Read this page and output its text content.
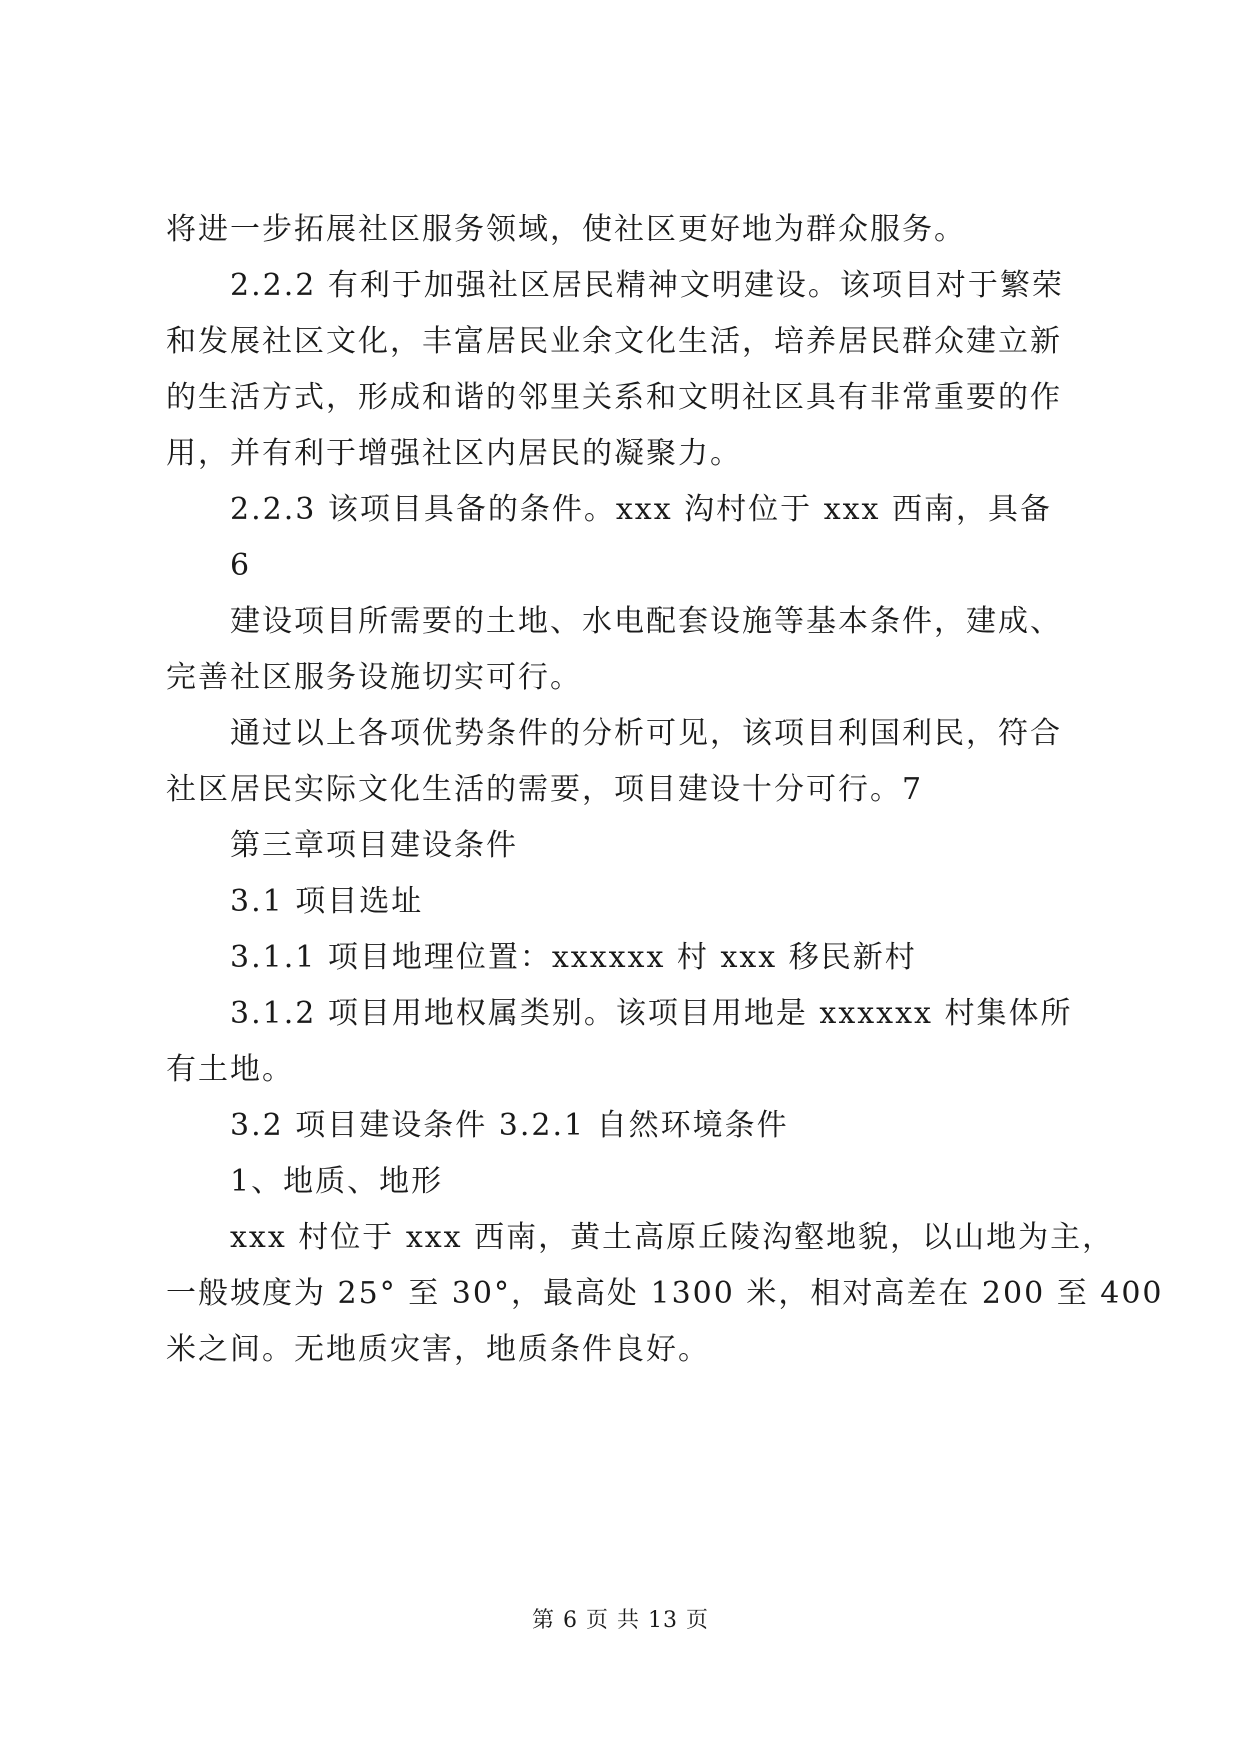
将进一步拓展社区服务领域，使社区更好地为群众服务。
2.2.2 有利于加强社区居民精神文明建设。该项目对于繁荣
和发展社区文化，丰富居民业余文化生活，培养居民群众建立新
的生活方式，形成和谐的邻里关系和文明社区具有非常重要的作
用，并有利于增强社区内居民的凝聚力。
2.2.3 该项目具备的条件。xxx 沟村位于 xxx 西南，具备
6
建设项目所需要的土地、水电配套设施等基本条件，建成、
完善社区服务设施切实可行。
通过以上各项优势条件的分析可见，该项目利国利民，符合
社区居民实际文化生活的需要，项目建设十分可行。7
第三章项目建设条件
3.1 项目选址
3.1.1 项目地理位置：xxxxxx 村 xxx 移民新村
3.1.2 项目用地权属类别。该项目用地是 xxxxxx 村集体所
有土地。
3.2 项目建设条件 3.2.1 自然环境条件
1、地质、地形
xxx 村位于 xxx 西南，黄土高原丘陵沟壑地貌，以山地为主，
一般坡度为 25° 至 30°，最高处 1300 米，相对高差在 200 至 400
米之间。无地质灾害，地质条件良好。
第 6 页 共 13 页
